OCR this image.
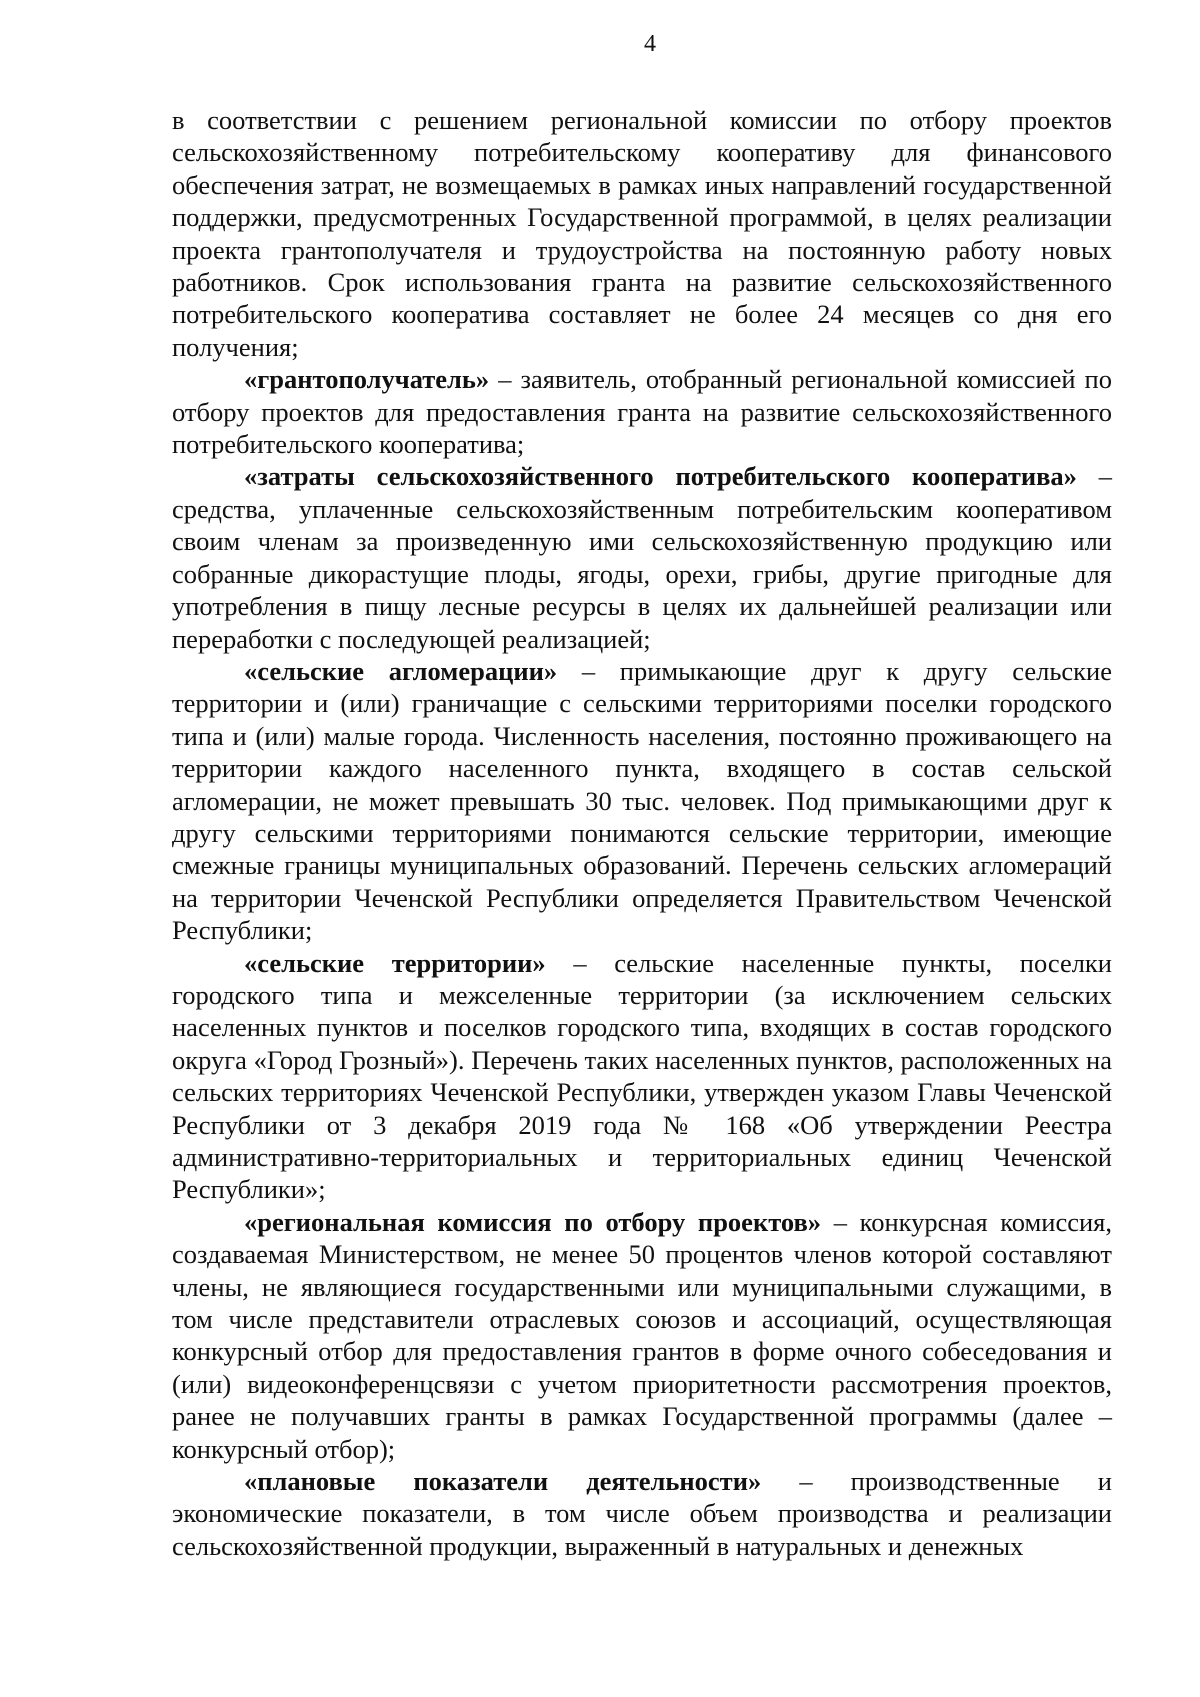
4

в соответствии с решением региональной комиссии по отбору проектов сельскохозяйственному потребительскому кооперативу для финансового обеспечения затрат, не возмещаемых в рамках иных направлений государственной поддержки, предусмотренных Государственной программой, в целях реализации проекта грантополучателя и трудоустройства на постоянную работу новых работников. Срок использования гранта на развитие сельскохозяйственного потребительского кооператива составляет не более 24 месяцев со дня его получения;

«грантополучатель» – заявитель, отобранный региональной комиссией по отбору проектов для предоставления гранта на развитие сельскохозяйственного потребительского кооператива;

«затраты сельскохозяйственного потребительского кооператива» – средства, уплаченные сельскохозяйственным потребительским кооперативом своим членам за произведенную ими сельскохозяйственную продукцию или собранные дикорастущие плоды, ягоды, орехи, грибы, другие пригодные для употребления в пищу лесные ресурсы в целях их дальнейшей реализации или переработки с последующей реализацией;

«сельские агломерации» – примыкающие друг к другу сельские территории и (или) граничащие с сельскими территориями поселки городского типа и (или) малые города. Численность населения, постоянно проживающего на территории каждого населенного пункта, входящего в состав сельской агломерации, не может превышать 30 тыс. человек. Под примыкающими друг к другу сельскими территориями понимаются сельские территории, имеющие смежные границы муниципальных образований. Перечень сельских агломераций на территории Чеченской Республики определяется Правительством Чеченской Республики;

«сельские территории» – сельские населенные пункты, поселки городского типа и межселенные территории (за исключением сельских населенных пунктов и поселков городского типа, входящих в состав городского округа «Город Грозный»). Перечень таких населенных пунктов, расположенных на сельских территориях Чеченской Республики, утвержден указом Главы Чеченской Республики от 3 декабря 2019 года № 168 «Об утверждении Реестра административно-территориальных и территориальных единиц Чеченской Республики»;

«региональная комиссия по отбору проектов» – конкурсная комиссия, создаваемая Министерством, не менее 50 процентов членов которой составляют члены, не являющиеся государственными или муниципальными служащими, в том числе представители отраслевых союзов и ассоциаций, осуществляющая конкурсный отбор для предоставления грантов в форме очного собеседования и (или) видеоконференцсвязи с учетом приоритетности рассмотрения проектов, ранее не получавших гранты в рамках Государственной программы (далее – конкурсный отбор);

«плановые показатели деятельности» – производственные и экономические показатели, в том числе объем производства и реализации сельскохозяйственной продукции, выраженный в натуральных и денежных
